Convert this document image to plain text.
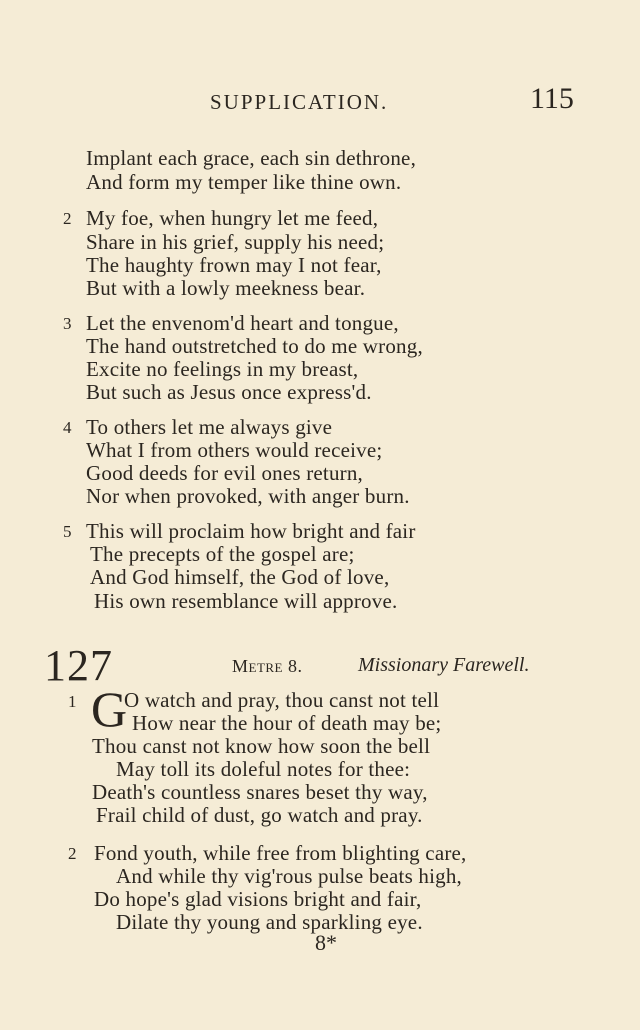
SUPPLICATION.	115
Implant each grace, each sin dethrone,
And form my temper like thine own.
2 My foe, when hungry let me feed,
Share in his grief, supply his need;
The haughty frown may I not fear,
But with a lowly meekness bear.
3 Let the envenom'd heart and tongue,
The hand outstretched to do me wrong,
Excite no feelings in my breast,
But such as Jesus once express'd.
4 To others let me always give
What I from others would receive;
Good deeds for evil ones return,
Nor when provoked, with anger burn.
5 This will proclaim how bright and fair
The precepts of the gospel are;
And God himself, the God of love,
His own resemblance will approve.
127	Metre 8.	Missionary Farewell.
1 G
O watch and pray, thou canst not tell
How near the hour of death may be;
Thou canst not know how soon the bell
May toll its doleful notes for thee:
Death's countless snares beset thy way,
Frail child of dust, go watch and pray.
2 Fond youth, while free from blighting care,
And while thy vig'rous pulse beats high,
Do hope's glad visions bright and fair,
Dilate thy young and sparkling eye.
8*
